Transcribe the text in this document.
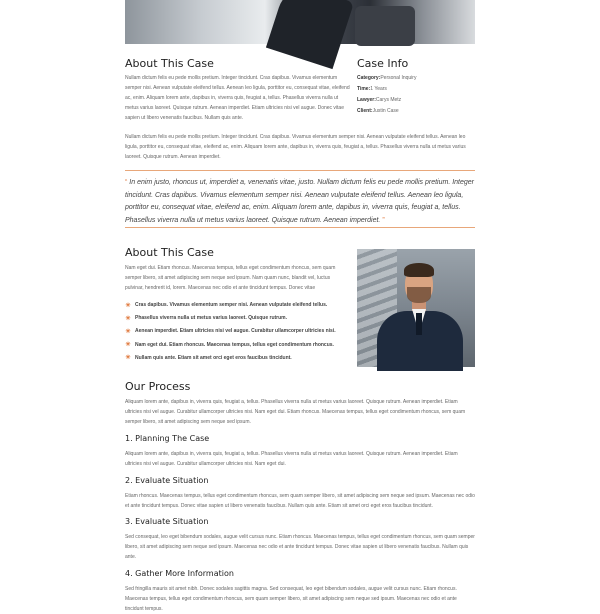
About This Case

Nullam dictum felis eu pede mollis pretium. Integer tincidunt. Cras dapibus. Vivamus elementum semper nisi. Aenean vulputate eleifend tellus. Aenean leo ligula, porttitor eu, consequat vitae, eleifend ac, enim. Aliquam lorem ante, dapibus in, viverra quis, feugiat a, tellus. Phasellus viverra nulla ut metus varius laoreet. Quisque rutrum. Aenean imperdiet. Etiam ultricies nisi vel augue. Donec vitae sapien ut libero venenatis faucibus. Nullam quis ante.

Case Info
Category:Personal Inquiry
Time:1 Years
Lawyer:Carys Metz
Client:Justin Case

Nullam dictum felis eu pede mollis pretium. Integer tincidunt. Cras dapibus. Vivamus elementum semper nisi. Aenean vulputate eleifend tellus. Aenean leo ligula, porttitor eu, consequat vitae, eleifend ac, enim. Aliquam lorem ante, dapibus in, viverra quis, feugiat a, tellus. Phasellus viverra nulla ut metus varius laoreet. Quisque rutrum. Aenean imperdiet.

“ In enim justo, rhoncus ut, imperdiet a, venenatis vitae, justo. Nullam dictum felis eu pede mollis pretium. Integer tincidunt. Cras dapibus. Vivamus elementum semper nisi. Aenean vulputate eleifend tellus. Aenean leo ligula, porttitor eu, consequat vitae, eleifend ac, enim. Aliquam lorem ante, dapibus in, viverra quis, feugiat a, tellus. Phasellus viverra nulla ut metus varius laoreet. Quisque rutrum. Aenean imperdiet. ”

About This Case

Nam eget dui. Etiam rhoncus. Maecenas tempus, tellus eget condimentum rhoncus, sem quam semper libero, sit amet adipiscing sem neque sed ipsum. Nam quam nunc, blandit vel, luctus pulvinar, hendrerit id, lorem. Maecenas nec odio et ante tincidunt tempus. Donec vitae

✳ Cras dapibus. Vivamus elementum semper nisi. Aenean vulputate eleifend tellus.
✳ Phasellus viverra nulla ut metus varius laoreet. Quisque rutrum.
✳ Aenean imperdiet. Etiam ultricies nisi vel augue. Curabitur ullamcorper ultricies nisi.
✳ Nam eget dui. Etiam rhoncus. Maecenas tempus, tellus eget condimentum rhoncus.
✳ Nullam quis ante. Etiam sit amet orci eget eros faucibus tincidunt.
Our Process

Aliquam lorem ante, dapibus in, viverra quis, feugiat a, tellus. Phasellus viverra nulla ut metus varius laoreet. Quisque rutrum. Aenean imperdiet. Etiam ultricies nisi vel augue. Curabitur ullamcorper ultricies nisi. Nam eget dui. Etiam rhoncus. Maecenas tempus, tellus eget condimentum rhoncus, sem quam semper libero, sit amet adipiscing sem neque sed ipsum.

1. Planning The Case

Aliquam lorem ante, dapibus in, viverra quis, feugiat a, tellus. Phasellus viverra nulla ut metus varius laoreet. Quisque rutrum. Aenean imperdiet. Etiam ultricies nisi vel augue. Curabitur ullamcorper ultricies nisi. Nam eget dui.

2. Evaluate Situation

Etiam rhoncus. Maecenas tempus, tellus eget condimentum rhoncus, sem quam semper libero, sit amet adipiscing sem neque sed ipsum. Maecenas nec odio et ante tincidunt tempus. Donec vitae sapien ut libero venenatis faucibus. Nullam quis ante. Etiam sit amet orci eget eros faucibus tincidunt.

3. Evaluate Situation

Sed consequat, leo eget bibendum sodales, augue velit cursus nunc. Etiam rhoncus. Maecenas tempus, tellus eget condimentum rhoncus, sem quam semper libero, sit amet adipiscing sem neque sed ipsum. Maecenas nec odio et ante tincidunt tempus. Donec vitae sapien ut libero venenatis faucibus. Nullam quis ante.

4. Gather More Information

Sed fringilla mauris sit amet nibh. Donec sodales sagittis magna. Sed consequat, leo eget bibendum sodales, augue velit cursus nunc. Etiam rhoncus. Maecenas tempus, tellus eget condimentum rhoncus, sem quam semper libero, sit amet adipiscing sem neque sed ipsum. Maecenas nec odio et ante tincidunt tempus.
